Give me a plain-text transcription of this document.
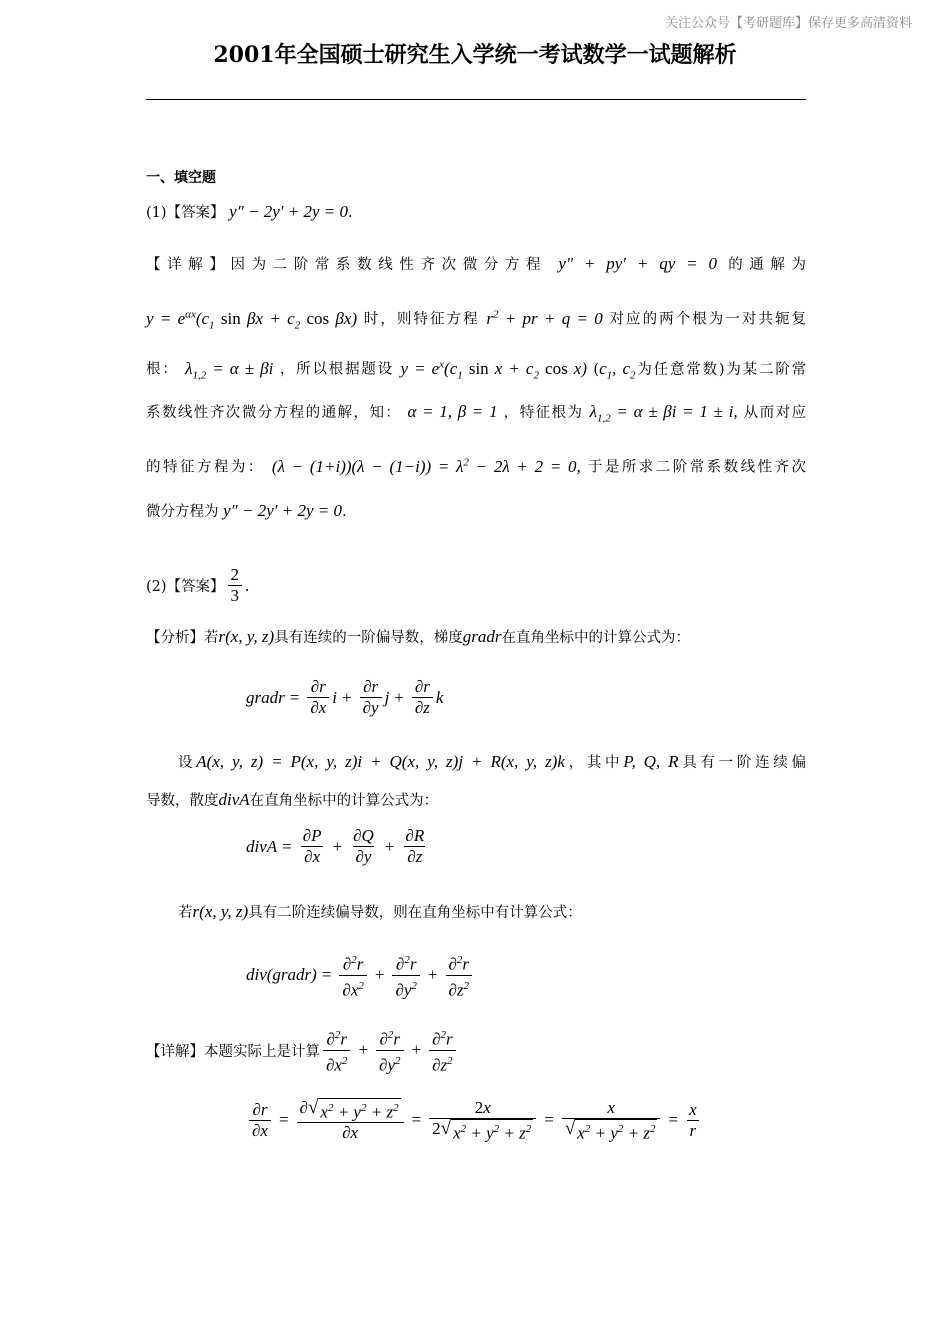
关注公众号【考研题库】保存更多高清资料
2001年全国硕士研究生入学统一考试数学一试题解析
一、填空题
(1)【答案】 y″ − 2y′ + 2y = 0.
【详解】因为二阶常系数线性齐次微分方程 y″ + py′ + qy = 0 的通解为
$y = e^{\alpha x}(c_1$ $\sin \beta x + c_2$ cos βx) 时，则特征方程 $r^2$ + pr + q = 0 对应的两个根为一对共轭复
根： $\lambda_{1,2} = \alpha \pm \beta i$ ，所以根据题设 $y = e^x(c_1$ $\sin x + c_2$ cos x) ($c_1$, $c_2$为任意常数)为某二阶常
系数线性齐次微分方程的通解，知： α = 1, β = 1 ，特征根为 $\lambda_{1,2} = \alpha \pm \beta i = 1 \pm i$, 从而对应
的特征方程为： $(\lambda - (1+i))(\lambda - (1-i)) = \lambda^2 - 2\lambda + 2 = 0$, 于是所求二阶常系数线性齐次
微分方程为 y″ − 2y′ + 2y = 0.
(2)【答案】 $\frac{2}{3}$ .
【分析】若r(x, y, z)具有连续的一阶偏导数，梯度gradr在直角坐标中的计算公式为：
gradr = $\frac{\partial r}{\partial x}$ $i + \frac{\partial r}{\partial y}$ $j + \frac{\partial r}{\partial z}$ k
设A(x, y, z) = P(x, y, z)i + Q(x, y, z)j + R(x, y, z)k，其中P, Q, R具有一阶连续偏
导数，散度divA在直角坐标中的计算公式为：
divA = $\frac{\partial P}{\partial x} + \frac{\partial Q}{\partial y} + \frac{\partial R}{\partial z}$
若r(x, y, z)具有二阶连续偏导数，则在直角坐标中有计算公式：
div(gradr) = $\frac{\partial^2r}{\partial x^2} + \frac{\partial^2r}{\partial y^2} + \frac{\partial^2r}{\partial z^2}$
【详解】本题实际上是计算 $\frac{\partial^2r}{\partial x^2} + \frac{\partial^2r}{\partial y^2} + \frac{\partial^2r}{\partial z^2}$
$\frac{\partial r}{\partial x} = \frac{\partial √ x^2 + y^2 + z^2}{\partial x} = \frac{2x}{2 √ x^2 + y^2 + z^2} = \frac{x}{√ x^2 + y^2 + z^2} = \frac{x}{r}$
